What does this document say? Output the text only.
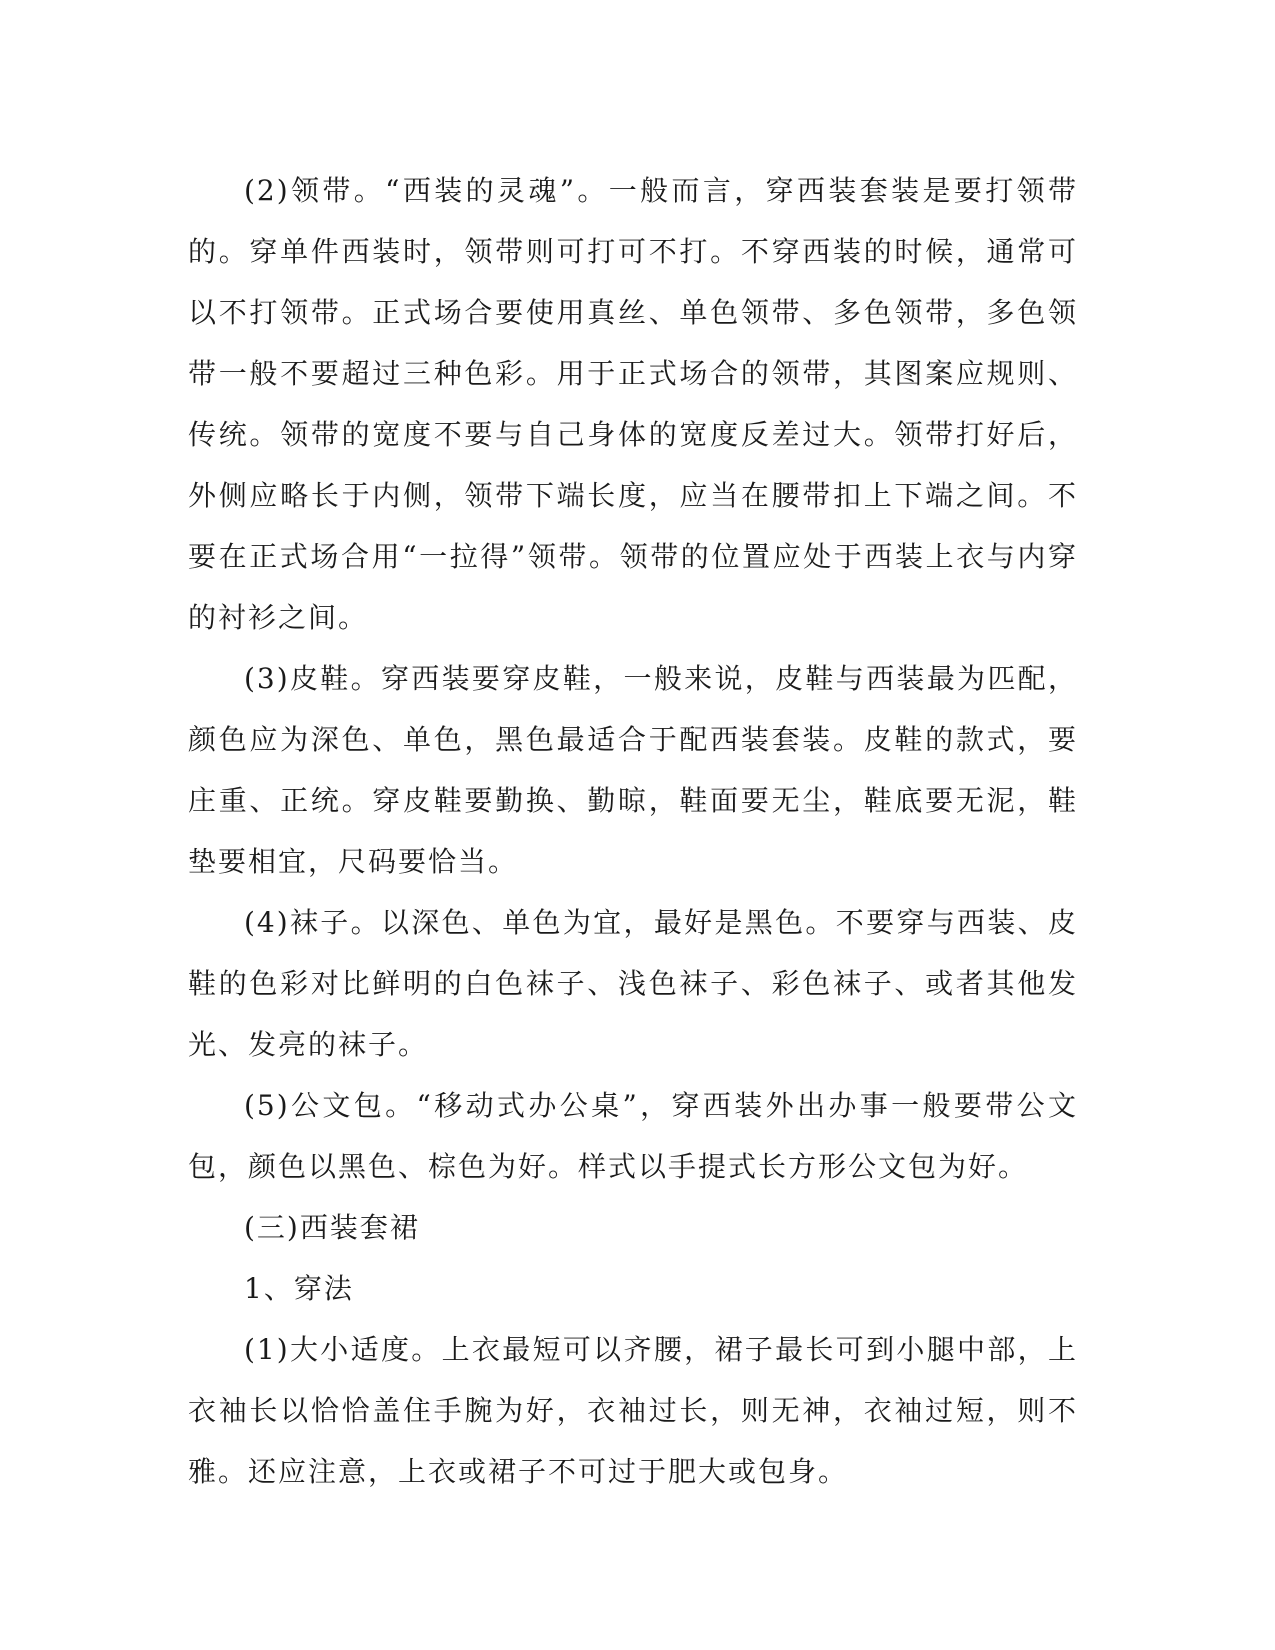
(2)领带。“西装的灵魂”。一般而言，穿西装套装是要打领带的。穿单件西装时，领带则可打可不打。不穿西装的时候，通常可以不打领带。正式场合要使用真丝、单色领带、多色领带，多色领带一般不要超过三种色彩。用于正式场合的领带，其图案应规则、传统。领带的宽度不要与自己身体的宽度反差过大。领带打好后，外侧应略长于内侧，领带下端长度，应当在腰带扣上下端之间。不要在正式场合用“一拉得”领带。领带的位置应处于西装上衣与内穿的衬衫之间。

(3)皮鞋。穿西装要穿皮鞋，一般来说，皮鞋与西装最为匹配，颜色应为深色、单色，黑色最适合于配西装套装。皮鞋的款式，要庄重、正统。穿皮鞋要勤换、勤晾，鞋面要无尘，鞋底要无泥，鞋垫要相宜，尺码要恰当。

(4)袜子。以深色、单色为宜，最好是黑色。不要穿与西装、皮鞋的色彩对比鲜明的白色袜子、浅色袜子、彩色袜子、或者其他发光、发亮的袜子。

(5)公文包。“移动式办公桌”，穿西装外出办事一般要带公文包，颜色以黑色、棕色为好。样式以手提式长方形公文包为好。

(三)西装套裙

1、穿法

(1)大小适度。上衣最短可以齐腰，裙子最长可到小腿中部，上衣袖长以恰恰盖住手腕为好，衣袖过长，则无神，衣袖过短，则不雅。还应注意，上衣或裙子不可过于肥大或包身。
